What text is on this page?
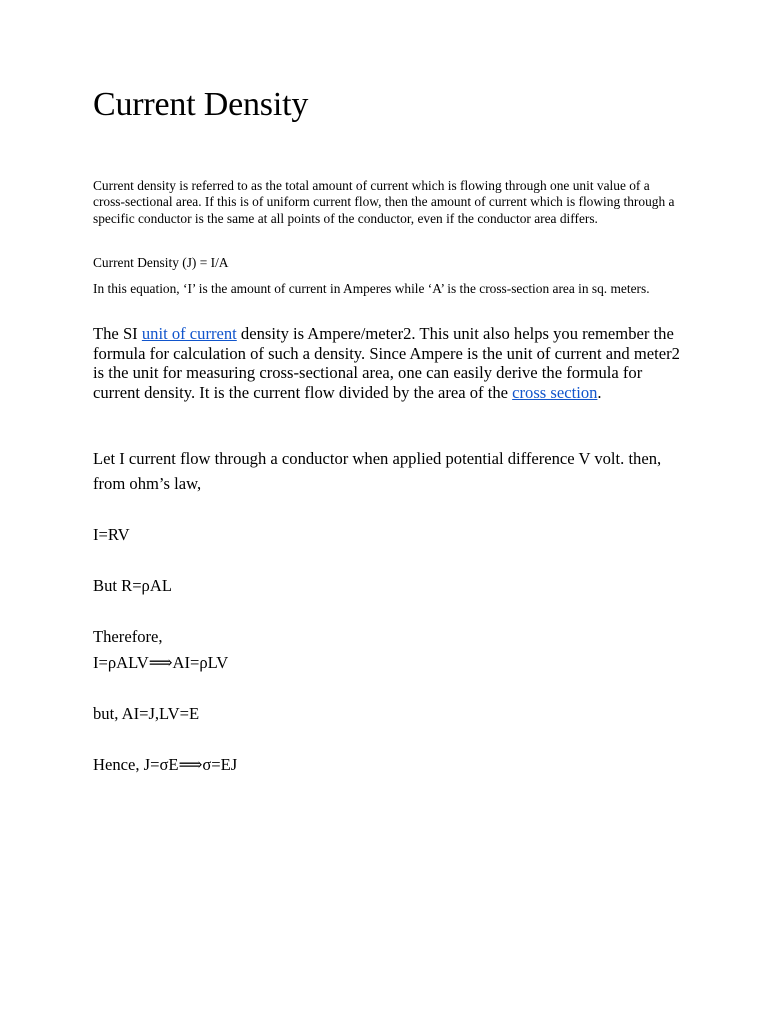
Current Density

Current density is referred to as the total amount of current which is flowing through one unit value of a cross-sectional area. If this is of uniform current flow, then the amount of current which is flowing through a specific conductor is the same at all points of the conductor, even if the conductor area differs.

Current Density (J) = I/A

In this equation, ‘I’ is the amount of current in Amperes while ‘A’ is the cross-section area in sq. meters.

The SI unit of current density is Ampere/meter2. This unit also helps you remember the formula for calculation of such a density. Since Ampere is the unit of current and meter2 is the unit for measuring cross-sectional area, one can easily derive the formula for current density. It is the current flow divided by the area of the cross section.

Let I current flow through a conductor when applied potential difference V volt. then, from ohm’s law,

I=RV

But R=ρAL

Therefore,

I=ρALV⟹AI=ρLV

but, AI=J,LV=E

Hence, J=σE⟹σ=EJ
